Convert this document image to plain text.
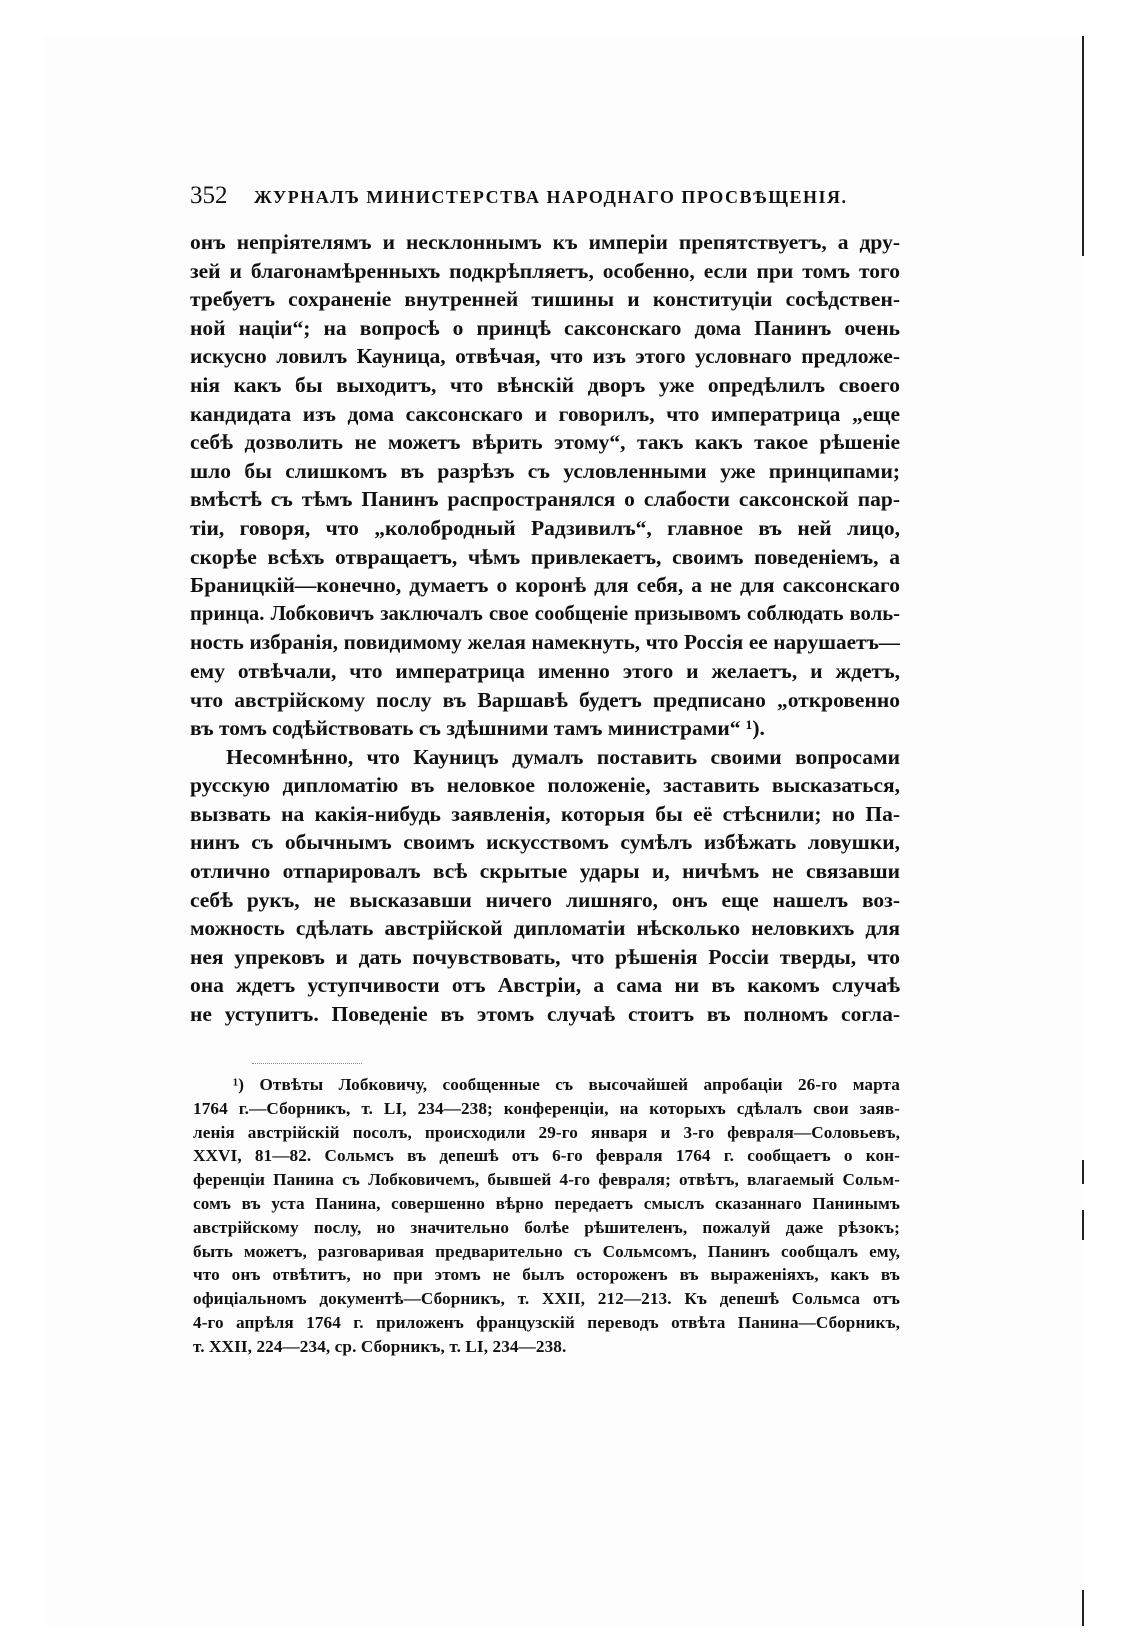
352	ЖУРНАЛЪ МИНИСТЕРСТВА НАРОДНАГО ПРОСВѢЩЕНІЯ.
онъ непріятелямъ и несклоннымъ къ имперіи препятствуетъ, а дру-
зей и благонамѣренныхъ подкрѣпляетъ, особенно, если при томъ того
требуетъ сохраненіе внутренней тишины и конституціи сосѣдствен-
ной націи“; на вопросѣ о принцѣ саксонскаго дома Панинъ очень
искусно ловилъ Кауница, отвѣчая, что изъ этого условнаго предложе-
нія какъ бы выходитъ, что вѣнскій дворъ уже опредѣлилъ своего
кандидата изъ дома саксонскаго и говорилъ, что императрица „еще
себѣ дозволить не можетъ вѣрить этому“, такъ какъ такое рѣшеніе
шло бы слишкомъ въ разрѣзъ съ условленными уже принципами;
вмѣстѣ съ тѣмъ Панинъ распространялся о слабости саксонской пар-
тіи, говоря, что „колобродный Радзивилъ“, главное въ ней лицо,
скорѣе всѣхъ отвращаетъ, чѣмъ привлекаетъ, своимъ поведеніемъ, а
Браницкій—конечно, думаетъ о коронѣ для себя, а не для саксонскаго
принца. Лобковичъ заключалъ свое сообщеніе призывомъ соблюдать воль-
ность избранія, повидимому желая намекнуть, что Россія ее нарушаетъ—
ему отвѣчали, что императрица именно этого и желаетъ, и ждетъ,
что австрійскому послу въ Варшавѣ будетъ предписано „откровенно
въ томъ содѣйствовать съ здѣшними тамъ министрами“ ¹).
Несомнѣнно, что Кауницъ думалъ поставить своими вопросами
русскую дипломатію въ неловкое положеніе, заставить высказаться,
вызвать на какія-нибудь заявленія, которыя бы её стѣснили; но Па-
нинъ съ обычнымъ своимъ искусствомъ сумѣлъ избѣжать ловушки,
отлично отпарировалъ всѣ скрытые удары и, ничѣмъ не связавши
себѣ рукъ, не высказавши ничего лишняго, онъ еще нашелъ воз-
можность сдѣлать австрійской дипломатіи нѣсколько неловкихъ для
нея упрековъ и дать почувствовать, что рѣшенія Россіи тверды, что
она ждетъ уступчивости отъ Австріи, а сама ни въ какомъ случаѣ
не уступитъ. Поведеніе въ этомъ случаѣ стоитъ въ полномъ согла-
¹) Отвѣты Лобковичу, сообщенные съ высочайшей апробаціи 26-го марта
1764 г.—Сборникъ, т. LI, 234—238; конференціи, на которыхъ сдѣлалъ свои заяв-
ленія австрійскій посолъ, происходили 29-го января и 3-го февраля—Соловьевъ,
XXVI, 81—82. Сольмсъ въ депешѣ отъ 6-го февраля 1764 г. сообщаетъ о кон-
ференціи Панина съ Лобковичемъ, бывшей 4-го февраля; отвѣтъ, влагаемый Сольм-
сомъ въ уста Панина, совершенно вѣрно передаетъ смыслъ сказаннаго Панинымъ
австрійскому послу, но значительно болѣе рѣшителенъ, пожалуй даже рѣзокъ;
быть можетъ, разговаривая предварительно съ Сольмсомъ, Панинъ сообщалъ ему,
что онъ отвѣтитъ, но при этомъ не былъ остороженъ въ выраженіяхъ, какъ въ
офиціальномъ документѣ—Сборникъ, т. XXII, 212—213. Къ депешѣ Сольмса отъ
4-го апрѣля 1764 г. приложенъ французскій переводъ отвѣта Панина—Сборникъ,
т. XXII, 224—234, ср. Сборникъ, т. LI, 234—238.
